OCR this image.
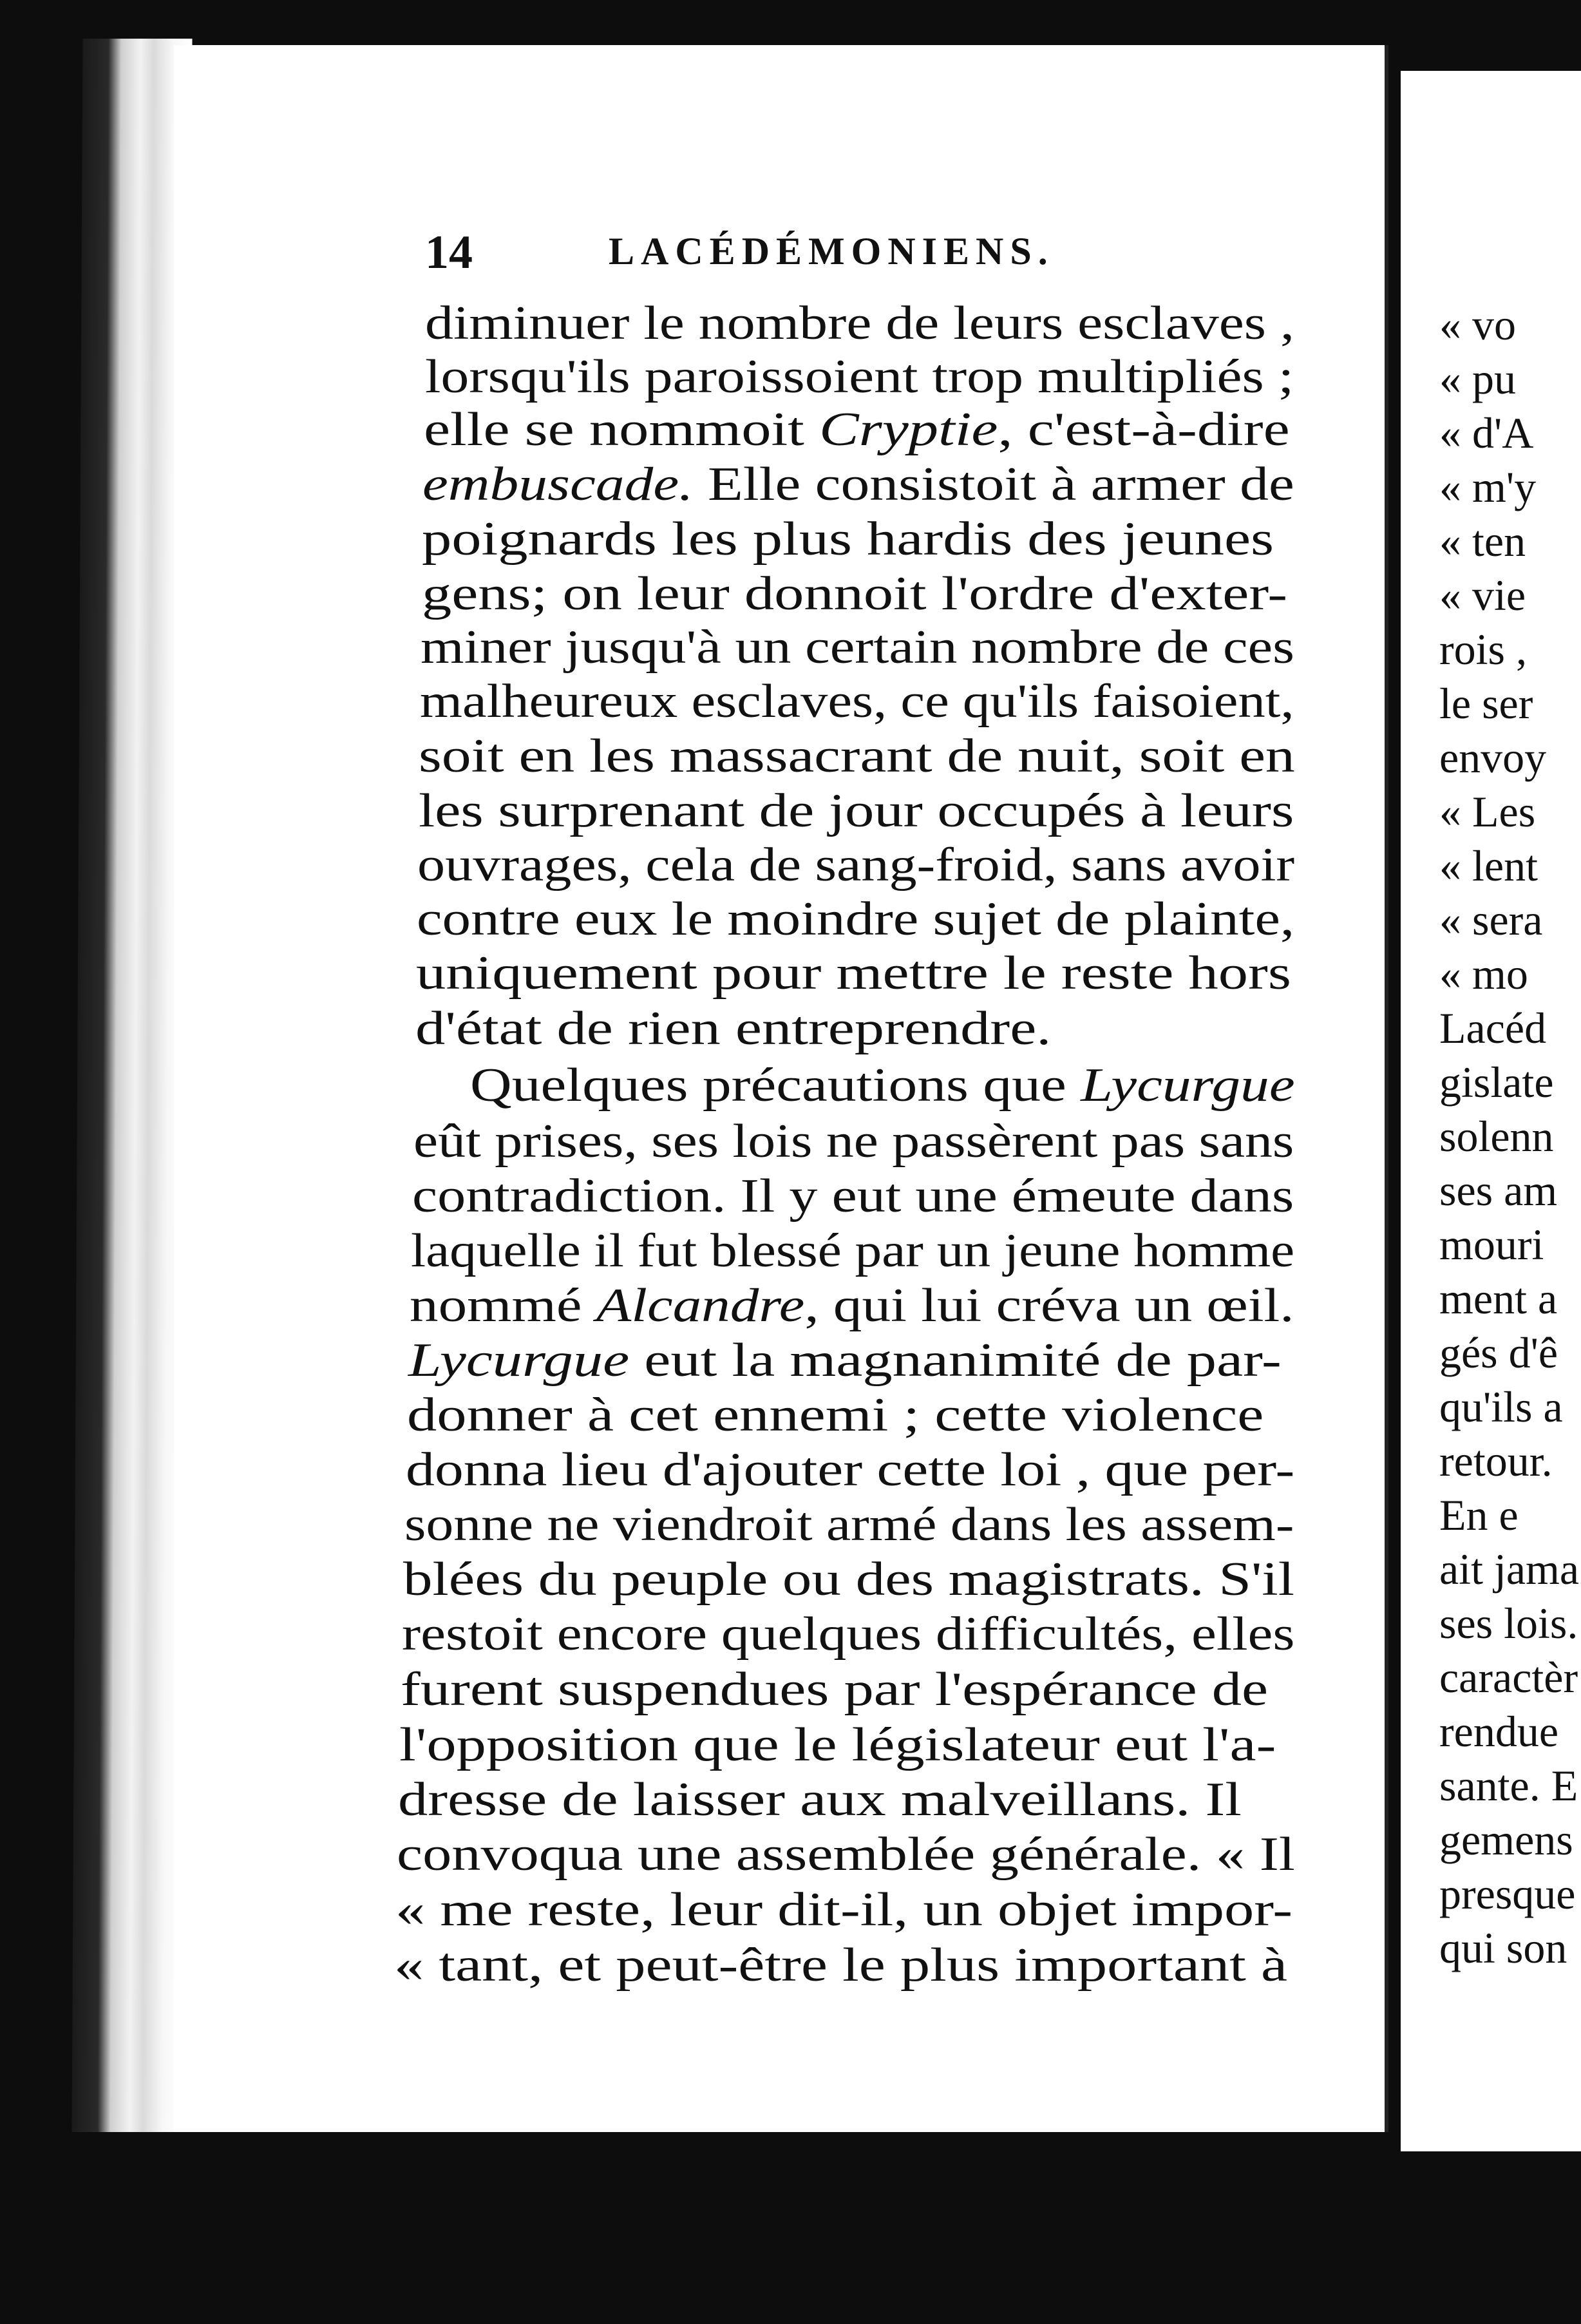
« vo
« pu
« d'A
« m'y
« ten
« vie
rois ,
le ser
envoy
« Les
« lent
« sera
« mo
Lacéd
gislate
solenn
ses am
mouri
ment a
gés d'ê
qu'ils a
retour.
En e
ait jama
ses lois.
caractèr
rendue
sante. E
gemens
presque
qui son
14	LACÉDÉMONIENS.
diminuer le nombre de leurs esclaves ,
lorsqu'ils paroissoient trop multipliés ;
elle se nommoit Cryptie, c'est-à-dire
embuscade. Elle consistoit à armer de
poignards les plus hardis des jeunes
gens; on leur donnoit l'ordre d'exter-
miner jusqu'à un certain nombre de ces
malheureux esclaves, ce qu'ils faisoient,
soit en les massacrant de nuit, soit en
les surprenant de jour occupés à leurs
ouvrages, cela de sang-froid, sans avoir
contre eux le moindre sujet de plainte,
uniquement pour mettre le reste hors
d'état de rien entreprendre.
Quelques précautions que Lycurgue
eût prises, ses lois ne passèrent pas sans
contradiction. Il y eut une émeute dans
laquelle il fut blessé par un jeune homme
nommé Alcandre, qui lui créva un œil.
Lycurgue eut la magnanimité de par-
donner à cet ennemi ; cette violence
donna lieu d'ajouter cette loi , que per-
sonne ne viendroit armé dans les assem-
blées du peuple ou des magistrats. S'il
restoit encore quelques difficultés, elles
furent suspendues par l'espérance de
l'opposition que le législateur eut l'a-
dresse de laisser aux malveillans. Il
convoqua une assemblée générale. « Il
« me reste, leur dit-il, un objet impor-
« tant, et peut-être le plus important à
